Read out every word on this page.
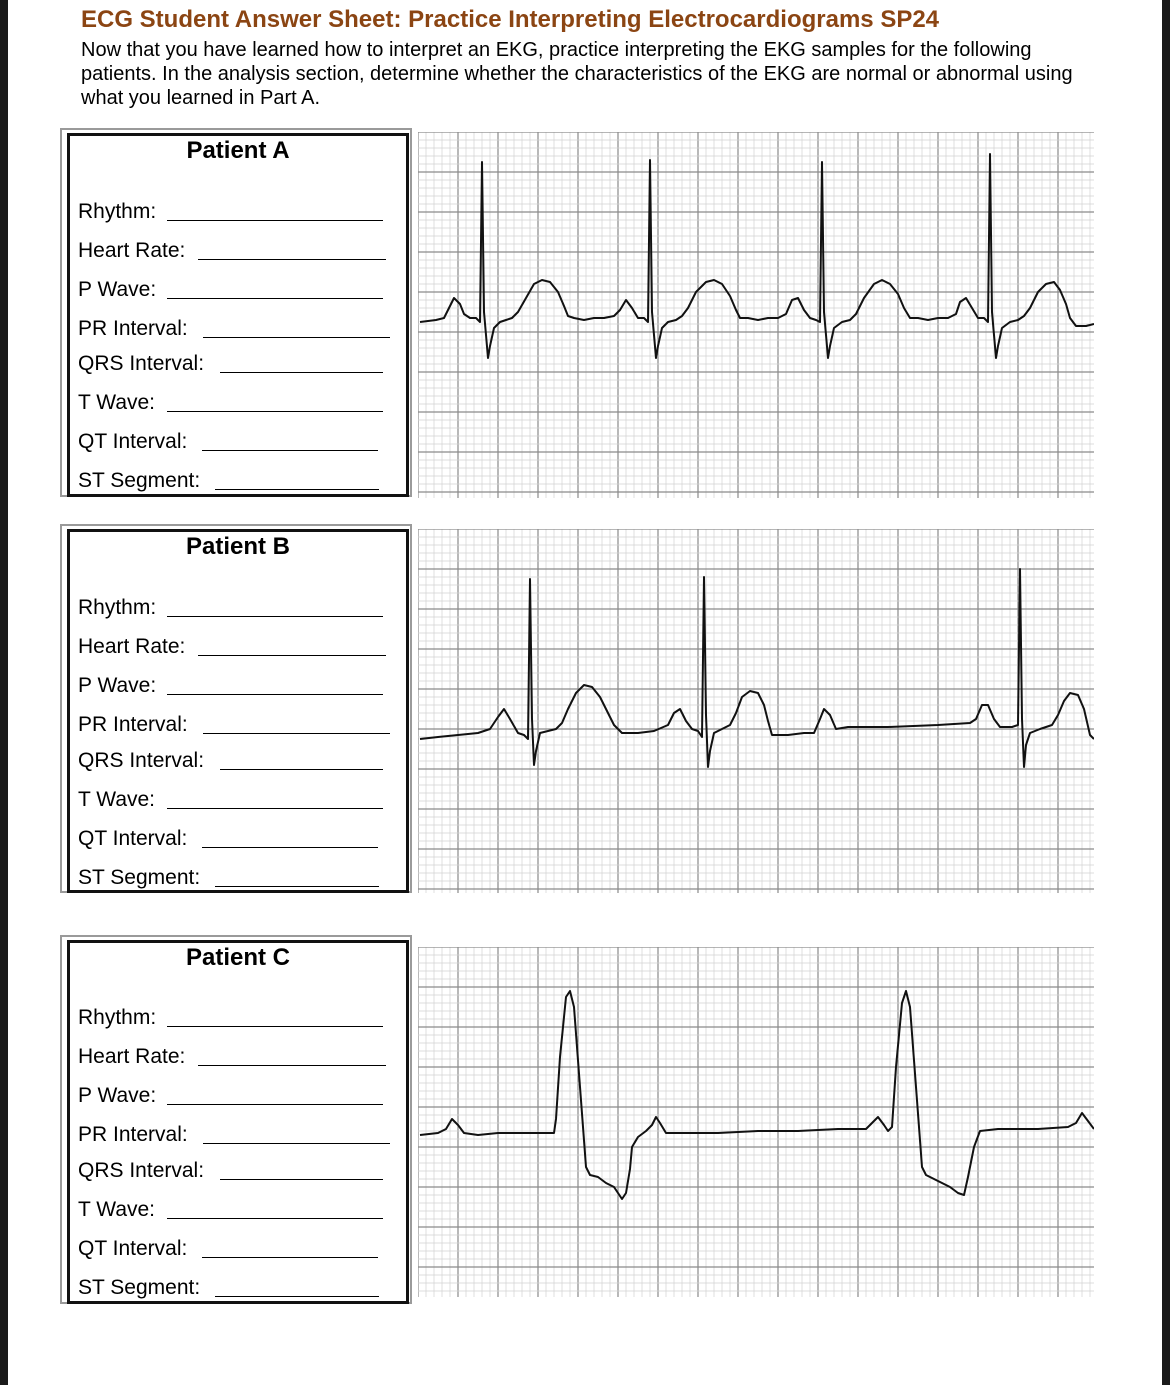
ECG Student Answer Sheet: Practice Interpreting Electrocardiograms SP24
Now that you have learned how to interpret an EKG, practice interpreting the EKG samples for the following patients. In the analysis section, determine whether the characteristics of the EKG are normal or abnormal using what you learned in Part A.
Patient A
Rhythm:
Heart Rate:
P Wave:
PR Interval:
QRS Interval:
T Wave:
QT Interval:
ST Segment:
Patient B
Rhythm:
Heart Rate:
P Wave:
PR Interval:
QRS Interval:
T Wave:
QT Interval:
ST Segment:
Patient C
Rhythm:
Heart Rate:
P Wave:
PR Interval:
QRS Interval:
T Wave:
QT Interval:
ST Segment:
